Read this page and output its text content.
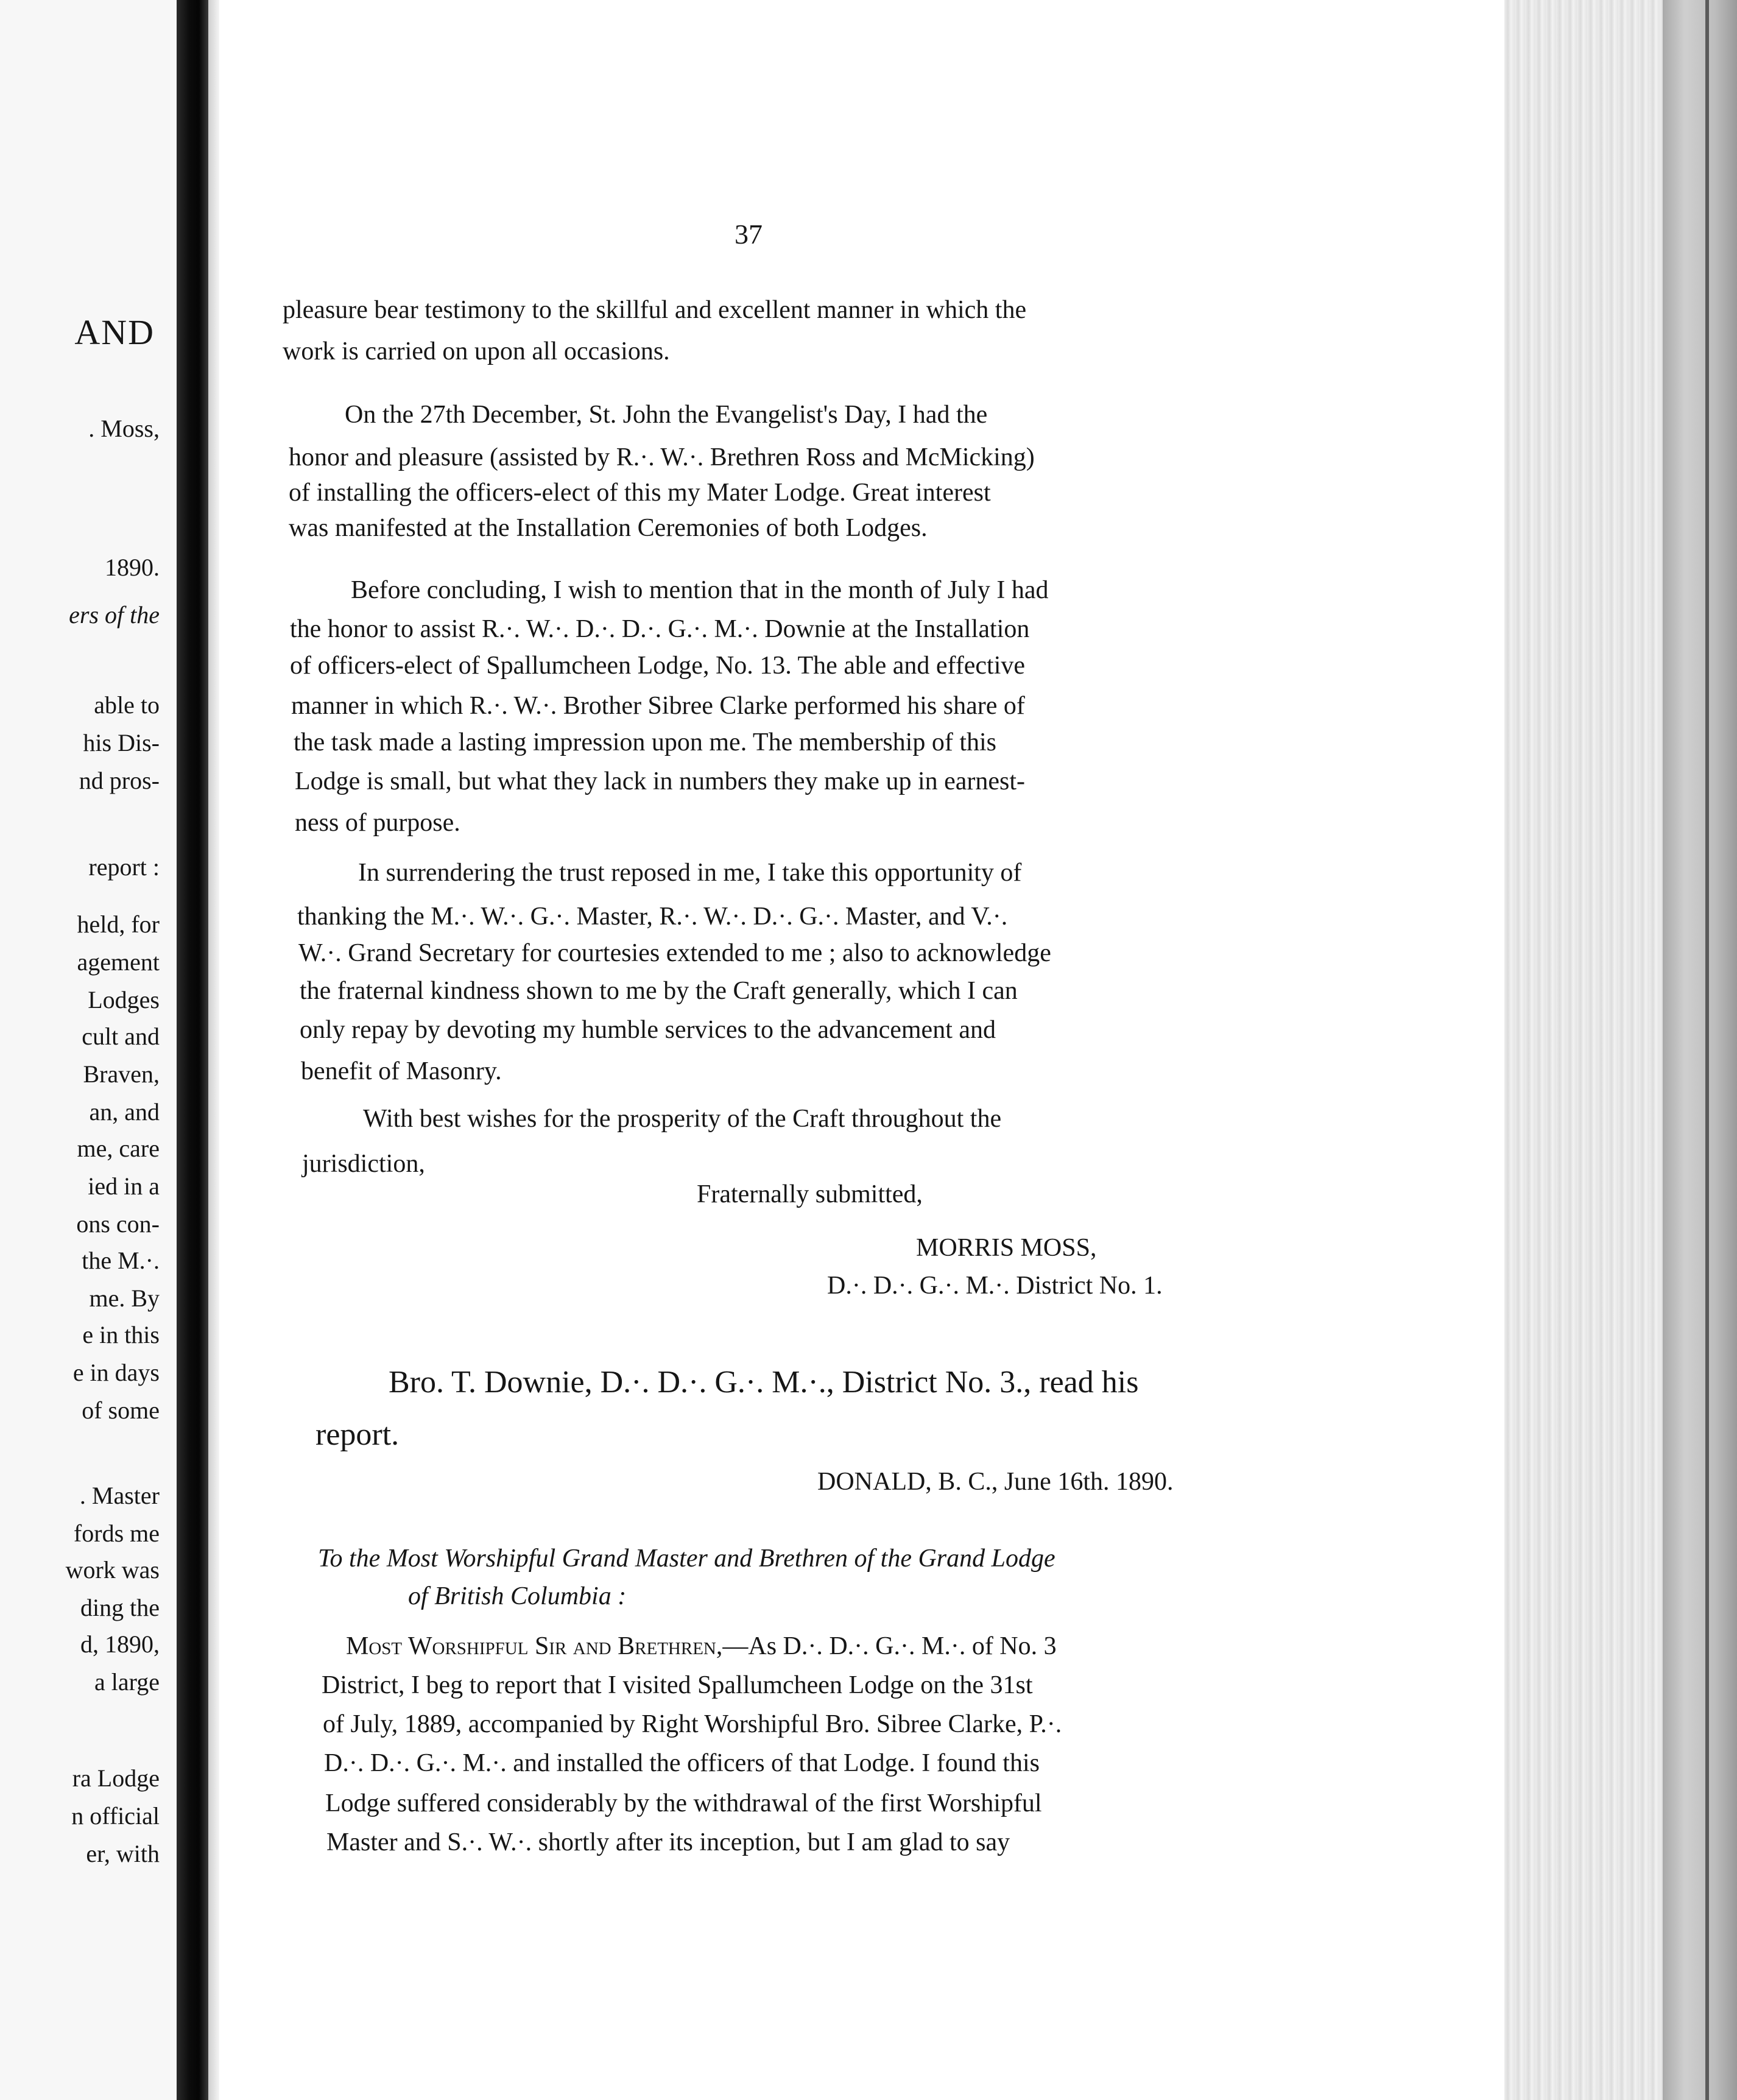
AND
. Moss,
1890.
ers of the
able to
his Dis-
nd pros-
report :
held, for
agement
Lodges
cult and
Braven,
an, and
me, care
ied in a
ons con-
the M.·.
me. By
e in this
e in days
of some
. Master
fords me
work was
ding the
d, 1890,
a large
ra Lodge
n official
er, with
37
pleasure bear testimony to the skillful and excellent manner in which the
work is carried on upon all occasions.
On the 27th December, St. John the Evangelist's Day, I had the
honor and pleasure (assisted by R.·. W.·. Brethren Ross and McMicking)
of installing the officers-elect of this my Mater Lodge. Great interest
was manifested at the Installation Ceremonies of both Lodges.
Before concluding, I wish to mention that in the month of July I had
the honor to assist R.·. W.·. D.·. D.·. G.·. M.·. Downie at the Installation
of officers-elect of Spallumcheen Lodge, No. 13. The able and effective
manner in which R.·. W.·. Brother Sibree Clarke performed his share of
the task made a lasting impression upon me. The membership of this
Lodge is small, but what they lack in numbers they make up in earnest-
ness of purpose.
In surrendering the trust reposed in me, I take this opportunity of
thanking the M.·. W.·. G.·. Master, R.·. W.·. D.·. G.·. Master, and V.·.
W.·. Grand Secretary for courtesies extended to me ; also to acknowledge
the fraternal kindness shown to me by the Craft generally, which I can
only repay by devoting my humble services to the advancement and
benefit of Masonry.
With best wishes for the prosperity of the Craft throughout the
jurisdiction,
Fraternally submitted,
MORRIS MOSS,
D.·. D.·. G.·. M.·. District No. 1.
Bro. T. Downie, D.·. D.·. G.·. M.·., District No. 3., read his
report.
DONALD, B. C., June 16th. 1890.
To the Most Worshipful Grand Master and Brethren of the Grand Lodge
of British Columbia :
Most Worshipful Sir and Brethren,—As D.·. D.·. G.·. M.·. of No. 3
District, I beg to report that I visited Spallumcheen Lodge on the 31st
of July, 1889, accompanied by Right Worshipful Bro. Sibree Clarke, P.·.
D.·. D.·. G.·. M.·. and installed the officers of that Lodge. I found this
Lodge suffered considerably by the withdrawal of the first Worshipful
Master and S.·. W.·. shortly after its inception, but I am glad to say
